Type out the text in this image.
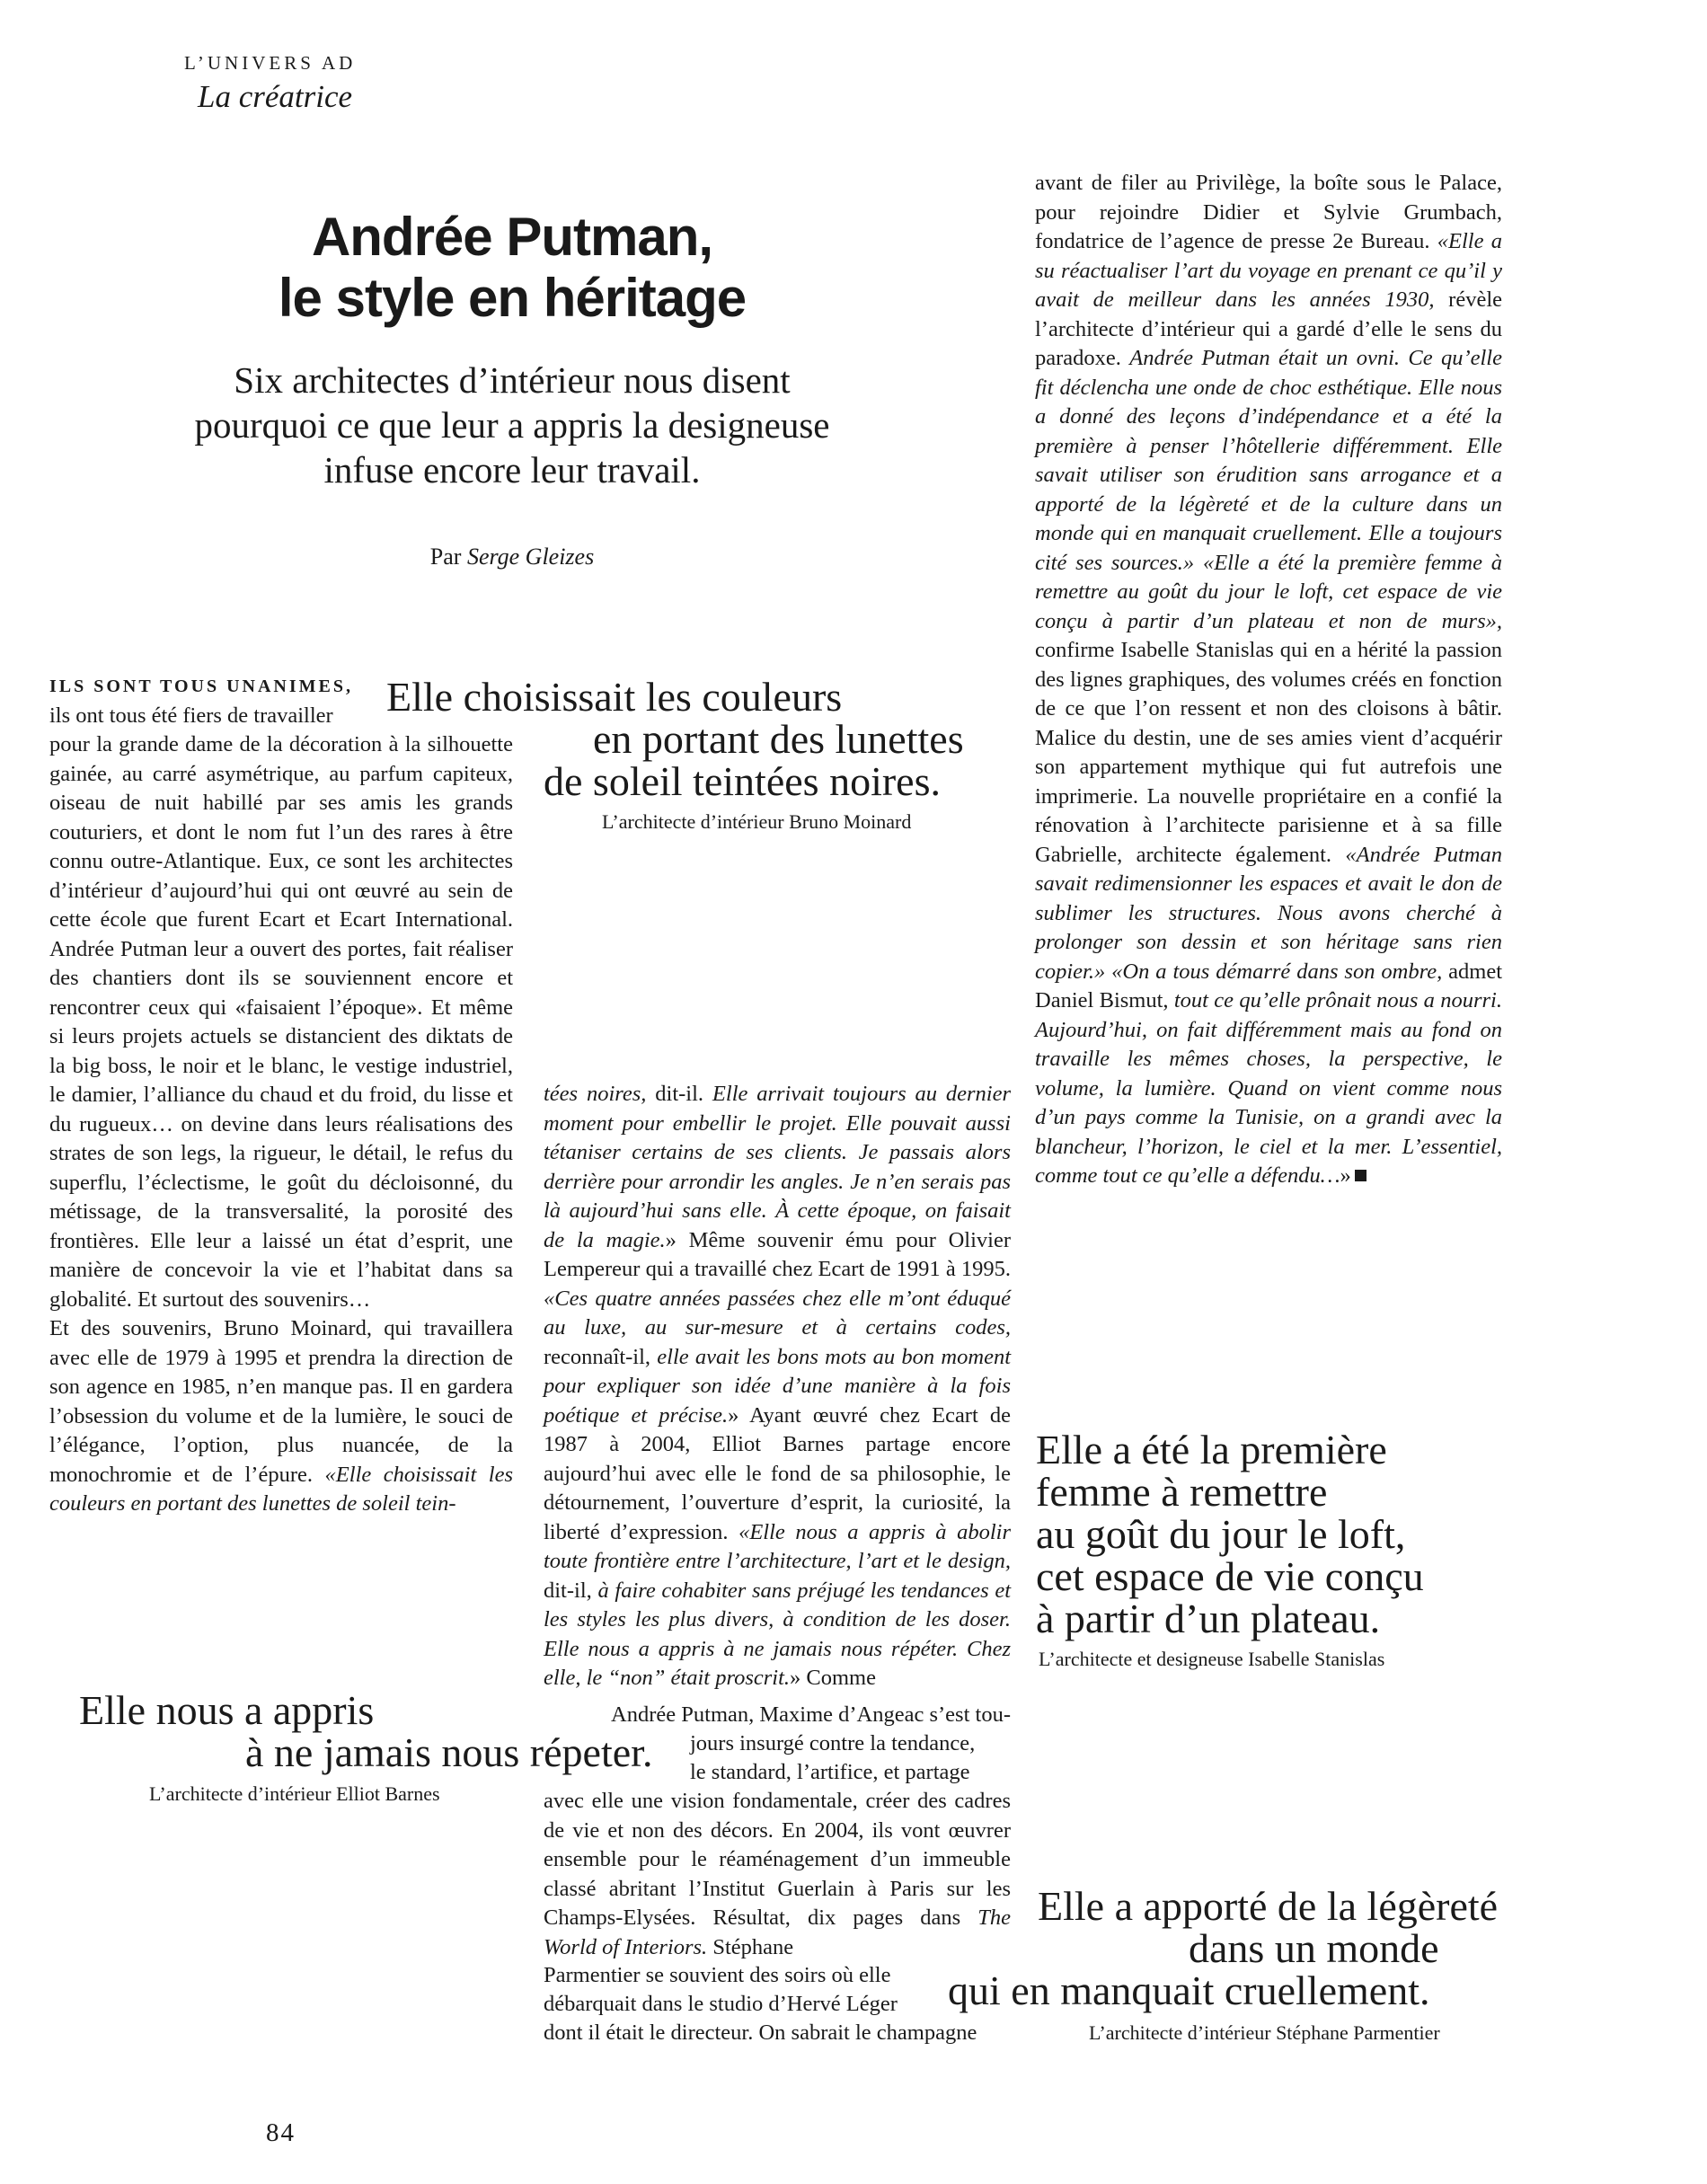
L’UNIVERS AD
La créatrice
Andrée Putman,
le style en héritage
Six architectes d’intérieur nous disent
pourquoi ce que leur a appris la designeuse
infuse encore leur travail.
Par Serge Gleizes
ILS SONT TOUS UNANIMES,
ils ont tous été fiers de travailler

pour la grande dame de la décoration à la silhouette gainée, au carré asymétrique, au parfum capiteux, oiseau de nuit habillé par ses amis les grands couturiers, et dont le nom fut l’un des rares à être connu outre-Atlantique. Eux, ce sont les architectes d’intérieur d’aujourd’hui qui ont œuvré au sein de cette école que furent Ecart et Ecart International. Andrée Putman leur a ouvert des portes, fait réaliser des chantiers dont ils se souviennent encore et rencontrer ceux qui «faisaient l’époque». Et même si leurs projets actuels se distancient des diktats de la big boss, le noir et le blanc, le vestige industriel, le damier, l’alliance du chaud et du froid, du lisse et du rugueux… on devine dans leurs réalisations des strates de son legs, la rigueur, le détail, le refus du superflu, l’éclectisme, le goût du décloisonné, du métissage, de la transversalité, la porosité des frontières. Elle leur a laissé un état d’esprit, une manière de concevoir la vie et l’habitat dans sa globalité. Et surtout des souvenirs…

Et des souvenirs, Bruno Moinard, qui travaillera avec elle de 1979 à 1995 et prendra la direction de son agence en 1985, n’en manque pas. Il en gardera l’obsession du volume et de la lumière, le souci de l’élégance, l’option, plus nuancée, de la monochromie et de l’épure. «Elle choisissait les couleurs en portant des lunettes de soleil tein-

Elle choisissait les couleurs
en portant des lunettes
de soleil teintées noires.
L’architecte d’intérieur Bruno Moinard

tées noires, dit-il. Elle arrivait toujours au dernier moment pour embellir le projet. Elle pouvait aussi tétaniser certains de ses clients. Je passais alors derrière pour arrondir les angles. Je n’en serais pas là aujourd’hui sans elle. À cette époque, on faisait de la magie.» Même souvenir ému pour Olivier Lempereur qui a travaillé chez Ecart de 1991 à 1995. «Ces quatre années passées chez elle m’ont éduqué au luxe, au sur-mesure et à certains codes, reconnaît-il, elle avait les bons mots au bon moment pour expliquer son idée d’une manière à la fois poétique et précise.» Ayant œuvré chez Ecart de 1987 à 2004, Elliot Barnes partage encore aujourd’hui avec elle le fond de sa philosophie, le détournement, l’ouverture d’esprit, la curiosité, la liberté d’expression. «Elle nous a appris à abolir toute frontière entre l’architecture, l’art et le design, dit-il, à faire cohabiter sans préjugé les tendances et les styles les plus divers, à condition de les doser. Elle nous a appris à ne jamais nous répéter. Chez elle, le “non” était proscrit.» Comme

Andrée Putman, Maxime d’Angeac s’est tou-
jours insurgé contre la tendance,
le standard, l’artifice, et partage
avec elle une vision fondamentale, créer des cadres de vie et non des décors. En 2004, ils vont œuvrer ensemble pour le réaménagement d’un immeuble classé abritant l’Institut Guerlain à Paris sur les Champs-Elysées. Résultat, dix pages dans The World of Interiors. Stéphane
Parmentier se souvient des soirs où elle
débarquait dans le studio d’Hervé Léger
dont il était le directeur. On sabrait le champagne

avant de filer au Privilège, la boîte sous le Palace, pour rejoindre Didier et Sylvie Grumbach, fondatrice de l’agence de presse 2e Bureau. «Elle a su réactualiser l’art du voyage en prenant ce qu’il y avait de meilleur dans les années 1930, révèle l’architecte d’intérieur qui a gardé d’elle le sens du paradoxe. Andrée Putman était un ovni. Ce qu’elle fit déclencha une onde de choc esthétique. Elle nous a donné des leçons d’indépendance et a été la première à penser l’hôtellerie différemment. Elle savait utiliser son érudition sans arrogance et a apporté de la légèreté et de la culture dans un monde qui en manquait cruellement. Elle a toujours cité ses sources.» «Elle a été la première femme à remettre au goût du jour le loft, cet espace de vie conçu à partir d’un plateau et non de murs», confirme Isabelle Stanislas qui en a hérité la passion des lignes graphiques, des volumes créés en fonction de ce que l’on ressent et non des cloisons à bâtir. Malice du destin, une de ses amies vient d’acquérir son appartement mythique qui fut autrefois une imprimerie. La nouvelle propriétaire en a confié la rénovation à l’architecte parisienne et à sa fille Gabrielle, architecte également. «Andrée Putman savait redimensionner les espaces et avait le don de sublimer les structures. Nous avons cherché à prolonger son dessin et son héritage sans rien copier.» «On a tous démarré dans son ombre, admet Daniel Bismut, tout ce qu’elle prônait nous a nourri. Aujourd’hui, on fait différemment mais au fond on travaille les mêmes choses, la perspective, le volume, la lumière. Quand on vient comme nous d’un pays comme la Tunisie, on a grandi avec la blancheur, l’horizon, le ciel et la mer. L’essentiel, comme tout ce qu’elle a défendu…»

Elle a été la première
femme à remettre
au goût du jour le loft,
cet espace de vie conçu
à partir d’un plateau.
L’architecte et designeuse Isabelle Stanislas
Elle nous a appris
à ne jamais nous répeter.
L’architecte d’intérieur Elliot Barnes
Elle a apporté de la légèreté
dans un monde
qui en manquait cruellement.
L’architecte d’intérieur Stéphane Parmentier
84
